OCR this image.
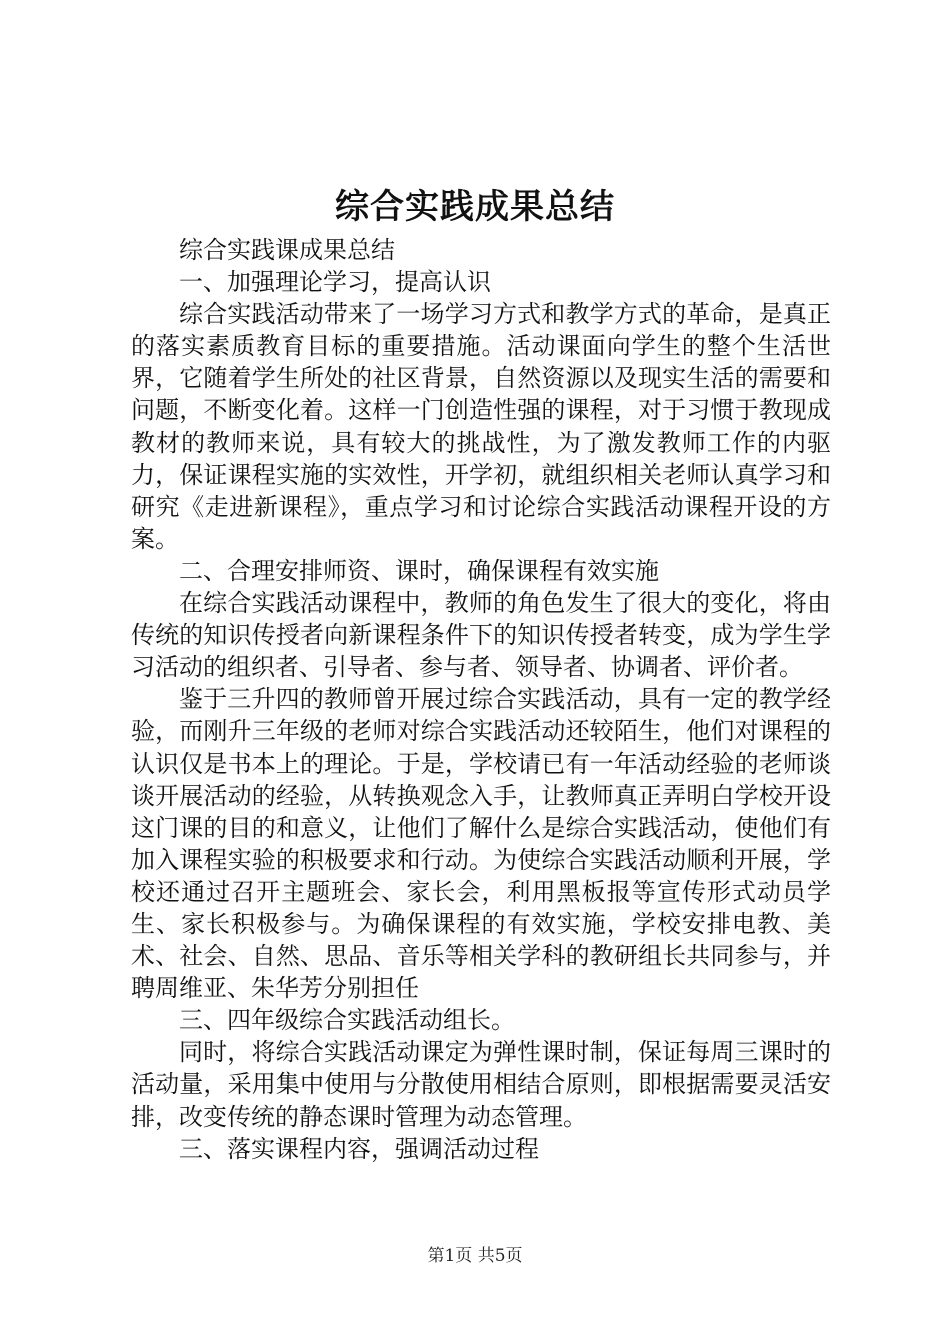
综合实践成果总结

综合实践课成果总结

一、加强理论学习，提高认识

综合实践活动带来了一场学习方式和教学方式的革命，是真正的落实素质教育目标的重要措施。活动课面向学生的整个生活世界，它随着学生所处的社区背景，自然资源以及现实生活的需要和问题，不断变化着。这样一门创造性强的课程，对于习惯于教现成教材的教师来说，具有较大的挑战性，为了激发教师工作的内驱力，保证课程实施的实效性，开学初，就组织相关老师认真学习和研究《走进新课程》，重点学习和讨论综合实践活动课程开设的方案。

二、合理安排师资、课时，确保课程有效实施

在综合实践活动课程中，教师的角色发生了很大的变化，将由传统的知识传授者向新课程条件下的知识传授者转变，成为学生学习活动的组织者、引导者、参与者、领导者、协调者、评价者。

鉴于三升四的教师曾开展过综合实践活动，具有一定的教学经验，而刚升三年级的老师对综合实践活动还较陌生，他们对课程的认识仅是书本上的理论。于是，学校请已有一年活动经验的老师谈谈开展活动的经验，从转换观念入手，让教师真正弄明白学校开设这门课的目的和意义，让他们了解什么是综合实践活动，使他们有加入课程实验的积极要求和行动。为使综合实践活动顺利开展，学校还通过召开主题班会、家长会，利用黑板报等宣传形式动员学生、家长积极参与。为确保课程的有效实施，学校安排电教、美术、社会、自然、思品、音乐等相关学科的教研组长共同参与，并聘周维亚、朱华芳分别担任

三、四年级综合实践活动组长。

同时，将综合实践活动课定为弹性课时制，保证每周三课时的活动量，采用集中使用与分散使用相结合原则，即根据需要灵活安排，改变传统的静态课时管理为动态管理。

三、落实课程内容，强调活动过程

第1页 共5页
